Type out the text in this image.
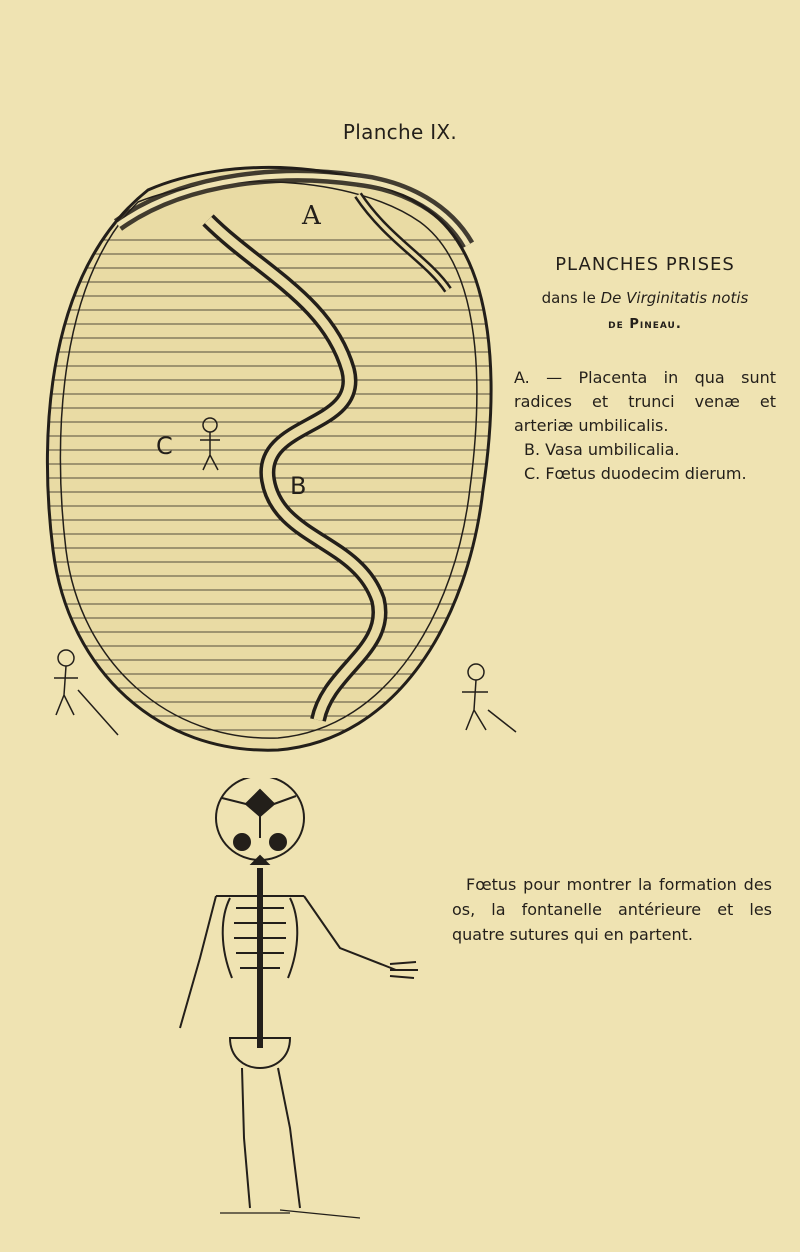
Planche IX.
A
B
C
PLANCHES PRISES
dans le De Virginitatis notis
de Pineau.

A. — Placenta in qua sunt radices et trunci venæ et arteriæ umbilicalis.

B. Vasa umbilicalia.

C. Fœtus duodecim dierum.

Fœtus pour montrer la formation des os, la fontanelle antérieure et les quatre sutures qui en partent.
